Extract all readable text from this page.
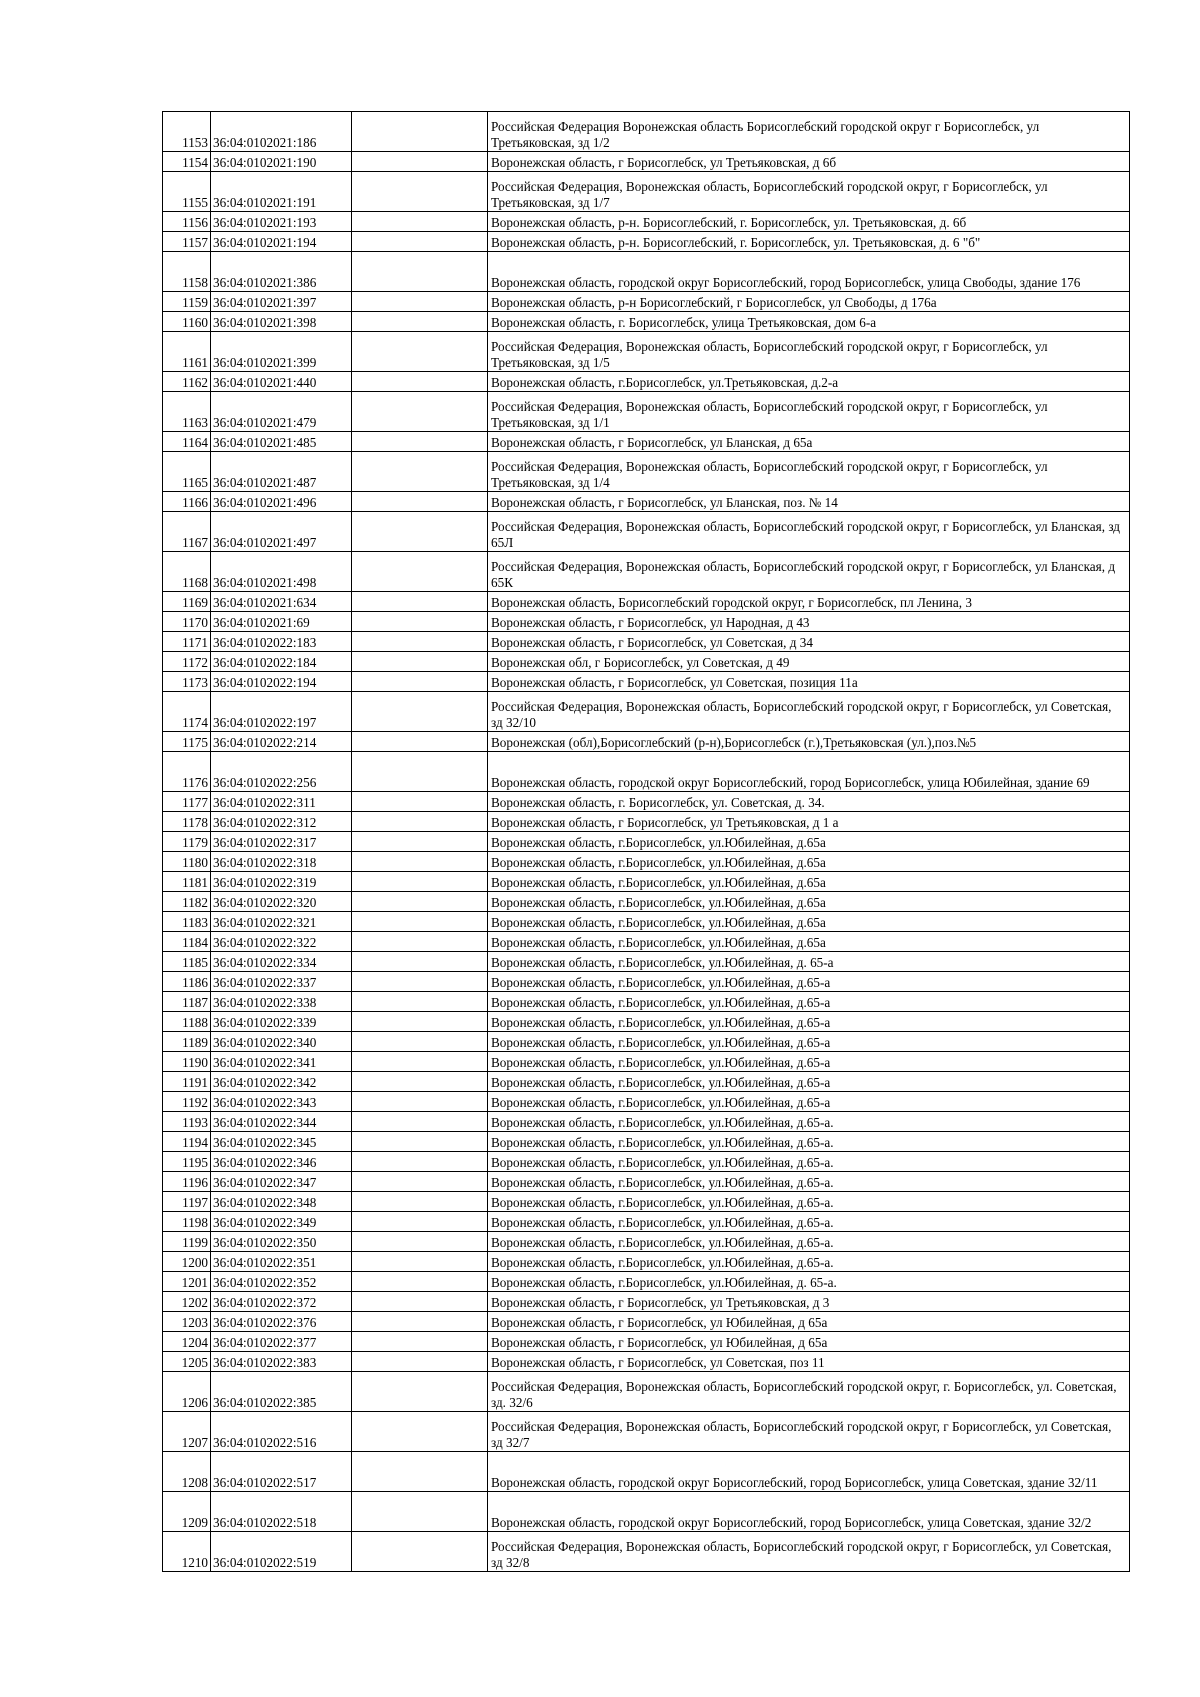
1153	36:04:0102021:186		Российская Федерация Воронежская область Борисоглебский городской округ г Борисоглебск, ул Третьяковская, зд 1/2
1154	36:04:0102021:190		Воронежская область, г Борисоглебск, ул Третьяковская, д 6б
1155	36:04:0102021:191		Российская Федерация, Воронежская область, Борисоглебский городской округ, г Борисоглебск, ул Третьяковская, зд 1/7
1156	36:04:0102021:193		Воронежская область, р-н. Борисоглебский, г. Борисоглебск, ул. Третьяковская, д. 6б
1157	36:04:0102021:194		Воронежская область, р-н. Борисоглебский, г. Борисоглебск, ул. Третьяковская, д. 6 "б"
1158	36:04:0102021:386		Воронежская область, городской округ Борисоглебский, город Борисоглебск, улица Свободы, здание 176
1159	36:04:0102021:397		Воронежская область, р-н Борисоглебский, г Борисоглебск, ул Свободы, д 176а
1160	36:04:0102021:398		Воронежская область, г. Борисоглебск, улица Третьяковская, дом 6-а
1161	36:04:0102021:399		Российская Федерация, Воронежская область, Борисоглебский городской округ, г Борисоглебск, ул Третьяковская, зд 1/5
1162	36:04:0102021:440		Воронежская область, г.Борисоглебск, ул.Третьяковская, д.2-а
1163	36:04:0102021:479		Российская Федерация, Воронежская область, Борисоглебский городской округ, г Борисоглебск, ул Третьяковская, зд 1/1
1164	36:04:0102021:485		Воронежская область, г Борисоглебск, ул Бланская, д 65а
1165	36:04:0102021:487		Российская Федерация, Воронежская область, Борисоглебский городской округ, г Борисоглебск, ул Третьяковская, зд 1/4
1166	36:04:0102021:496		Воронежская область, г Борисоглебск, ул Бланская, поз. № 14
1167	36:04:0102021:497		Российская Федерация, Воронежская область, Борисоглебский городской округ, г Борисоглебск, ул Бланская, зд 65Л
1168	36:04:0102021:498		Российская Федерация, Воронежская область, Борисоглебский городской округ, г Борисоглебск, ул Бланская, д 65К
1169	36:04:0102021:634		Воронежская область, Борисоглебский городской округ, г Борисоглебск, пл Ленина, 3
1170	36:04:0102021:69		Воронежская область, г Борисоглебск, ул Народная, д 43
1171	36:04:0102022:183		Воронежская область, г Борисоглебск, ул Советская, д 34
1172	36:04:0102022:184		Воронежская обл, г Борисоглебск, ул Советская, д 49
1173	36:04:0102022:194		Воронежская область, г Борисоглебск, ул Советская, позиция 11а
1174	36:04:0102022:197		Российская Федерация, Воронежская область, Борисоглебский городской округ, г Борисоглебск, ул Советская, зд 32/10
1175	36:04:0102022:214		Воронежская (обл),Борисоглебский (р-н),Борисоглебск (г.),Третьяковская (ул.),поз.№5
1176	36:04:0102022:256		Воронежская область, городской округ Борисоглебский, город Борисоглебск, улица Юбилейная, здание 69
1177	36:04:0102022:311		Воронежская область, г. Борисоглебск, ул. Советская, д. 34.
1178	36:04:0102022:312		Воронежская область, г Борисоглебск, ул Третьяковская, д 1 а
1179	36:04:0102022:317		Воронежская область, г.Борисоглебск, ул.Юбилейная, д.65а
1180	36:04:0102022:318		Воронежская область, г.Борисоглебск, ул.Юбилейная, д.65а
1181	36:04:0102022:319		Воронежская область, г.Борисоглебск, ул.Юбилейная, д.65а
1182	36:04:0102022:320		Воронежская область, г.Борисоглебск, ул.Юбилейная, д.65а
1183	36:04:0102022:321		Воронежская область, г.Борисоглебск, ул.Юбилейная, д.65а
1184	36:04:0102022:322		Воронежская область, г.Борисоглебск, ул.Юбилейная, д.65а
1185	36:04:0102022:334		Воронежская область, г.Борисоглебск, ул.Юбилейная, д. 65-а
1186	36:04:0102022:337		Воронежская область, г.Борисоглебск, ул.Юбилейная, д.65-а
1187	36:04:0102022:338		Воронежская область, г.Борисоглебск, ул.Юбилейная, д.65-а
1188	36:04:0102022:339		Воронежская область, г.Борисоглебск, ул.Юбилейная, д.65-а
1189	36:04:0102022:340		Воронежская область, г.Борисоглебск, ул.Юбилейная, д.65-а
1190	36:04:0102022:341		Воронежская область, г.Борисоглебск, ул.Юбилейная, д.65-а
1191	36:04:0102022:342		Воронежская область, г.Борисоглебск, ул.Юбилейная, д.65-а
1192	36:04:0102022:343		Воронежская область, г.Борисоглебск, ул.Юбилейная, д.65-а
1193	36:04:0102022:344		Воронежская область, г.Борисоглебск, ул.Юбилейная, д.65-а.
1194	36:04:0102022:345		Воронежская область, г.Борисоглебск, ул.Юбилейная, д.65-а.
1195	36:04:0102022:346		Воронежская область, г.Борисоглебск, ул.Юбилейная, д.65-а.
1196	36:04:0102022:347		Воронежская область, г.Борисоглебск, ул.Юбилейная, д.65-а.
1197	36:04:0102022:348		Воронежская область, г.Борисоглебск, ул.Юбилейная, д.65-а.
1198	36:04:0102022:349		Воронежская область, г.Борисоглебск, ул.Юбилейная, д.65-а.
1199	36:04:0102022:350		Воронежская область, г.Борисоглебск, ул.Юбилейная, д.65-а.
1200	36:04:0102022:351		Воронежская область, г.Борисоглебск, ул.Юбилейная, д.65-а.
1201	36:04:0102022:352		Воронежская область, г.Борисоглебск, ул.Юбилейная, д. 65-а.
1202	36:04:0102022:372		Воронежская область, г Борисоглебск, ул Третьяковская, д 3
1203	36:04:0102022:376		Воронежская область, г Борисоглебск, ул Юбилейная, д 65а
1204	36:04:0102022:377		Воронежская область, г Борисоглебск, ул Юбилейная, д 65а
1205	36:04:0102022:383		Воронежская область, г Борисоглебск, ул Советская, поз 11
1206	36:04:0102022:385		Российская Федерация, Воронежская область, Борисоглебский городской округ, г. Борисоглебск, ул. Советская, зд. 32/6
1207	36:04:0102022:516		Российская Федерация, Воронежская область, Борисоглебский городской округ, г Борисоглебск, ул Советская, зд 32/7
1208	36:04:0102022:517		Воронежская область, городской округ Борисоглебский, город Борисоглебск, улица Советская, здание 32/11
1209	36:04:0102022:518		Воронежская область, городской округ Борисоглебский, город Борисоглебск, улица Советская, здание 32/2
1210	36:04:0102022:519		Российская Федерация, Воронежская область, Борисоглебский городской округ, г Борисоглебск, ул Советская, зд 32/8
